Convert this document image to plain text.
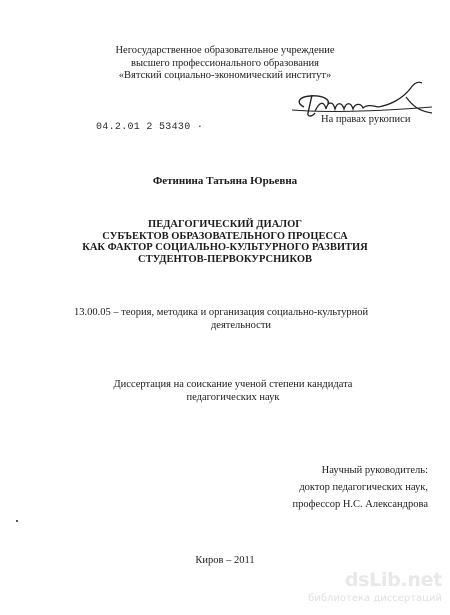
Негосударственное образовательное учреждение
высшего профессионального образования
«Вятский социально-экономический институт»
На правах рукописи
04.2.01 2 53430 ·
Фетинина Татьяна Юрьевна
ПЕДАГОГИЧЕСКИЙ ДИАЛОГ
СУБЪЕКТОВ ОБРАЗОВАТЕЛЬНОГО ПРОЦЕССА
КАК ФАКТОР СОЦИАЛЬНО-КУЛЬТУРНОГО РАЗВИТИЯ
СТУДЕНТОВ-ПЕРВОКУРСНИКОВ
13.00.05 – теория, методика и организация социально-культурной
деятельности
Диссертация на соискание ученой степени кандидата
педагогических наук
Научный руководитель:
доктор педагогических наук,
профессор Н.С. Александрова
Киров – 2011
dsLib.net
библиотека диссертаций
